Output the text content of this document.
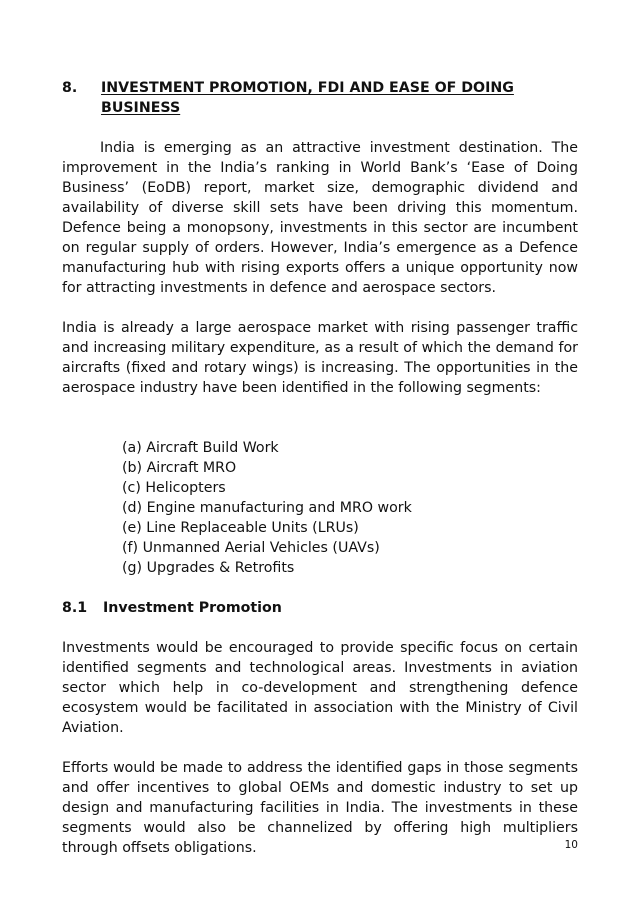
8.	INVESTMENT PROMOTION, FDI AND EASE OF DOING BUSINESS

India is emerging as an attractive investment destination. The improvement in the India’s ranking in World Bank’s ‘Ease of Doing Business’ (EoDB) report, market size, demographic dividend and availability of diverse skill sets have been driving this momentum. Defence being a monopsony, investments in this sector are incumbent on regular supply of orders. However, India’s emergence as a Defence manufacturing hub with rising exports offers a unique opportunity now for attracting investments in defence and aerospace sectors.

India is already a large aerospace market with rising passenger traffic and increasing military expenditure, as a result of which the demand for aircrafts (fixed and rotary wings) is increasing. The opportunities in the aerospace industry have been identified in the following segments:

(a) Aircraft Build Work
(b) Aircraft MRO
(c) Helicopters
(d) Engine manufacturing and MRO work
(e) Line Replaceable Units (LRUs)
(f) Unmanned Aerial Vehicles (UAVs)
(g) Upgrades & Retrofits
8.1	Investment Promotion

Investments would be encouraged to provide specific focus on certain identified segments and technological areas. Investments in aviation sector which help in co-development and strengthening defence ecosystem would be facilitated in association with the Ministry of Civil Aviation.

Efforts would be made to address the identified gaps in those segments and offer incentives to global OEMs and domestic industry to set up design and manufacturing facilities in India. The investments in these segments would also be channelized by offering high multipliers through offsets obligations.	10
